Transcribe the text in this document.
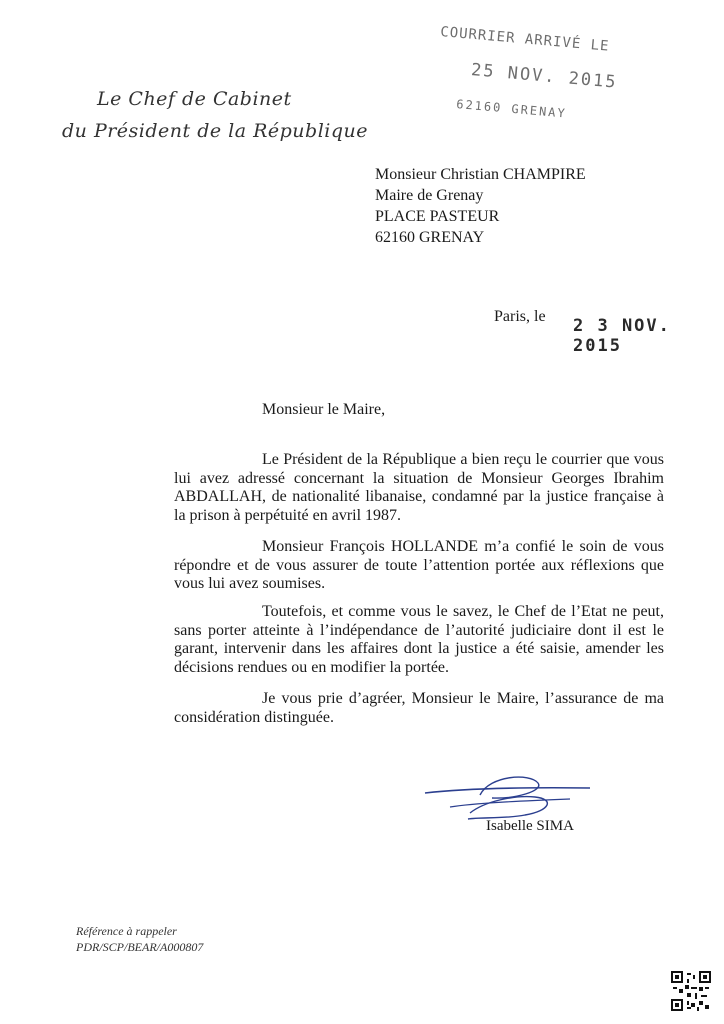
COURRIER ARRIVÉ LE
25 NOV. 2015
62160 GRENAY
Le Chef de Cabinet
du Président de la République
Monsieur Christian CHAMPIRE
Maire de Grenay
PLACE PASTEUR
62160 GRENAY
Paris, le 2 3 NOV. 2015
Monsieur le Maire,
Le Président de la République a bien reçu le courrier que vous lui avez adressé concernant la situation de Monsieur Georges Ibrahim ABDALLAH, de nationalité libanaise, condamné par la justice française à la prison à perpétuité en avril 1987.
Monsieur François HOLLANDE m’a confié le soin de vous répondre et de vous assurer de toute l’attention portée aux réflexions que vous lui avez soumises.
Toutefois, et comme vous le savez, le Chef de l’Etat ne peut, sans porter atteinte à l’indépendance de l’autorité judiciaire dont il est le garant, intervenir dans les affaires dont la justice a été saisie, amender les décisions rendues ou en modifier la portée.
Je vous prie d’agréer, Monsieur le Maire, l’assurance de ma considération distinguée.
Isabelle SIMA
Référence à rappeler
PDR/SCP/BEAR/A000807
